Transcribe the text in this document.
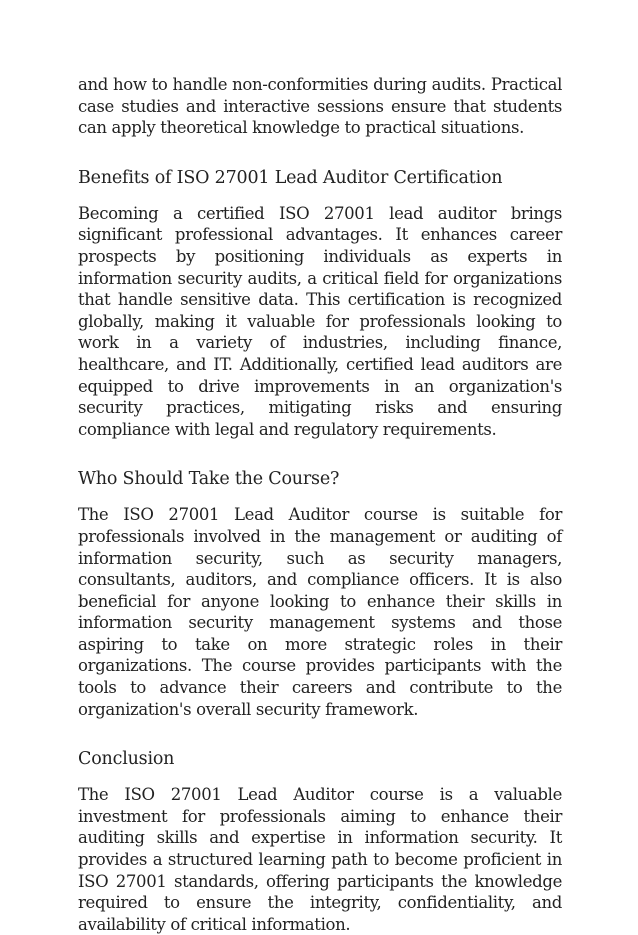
and how to handle non-conformities during audits. Practical case studies and interactive sessions ensure that students can apply theoretical knowledge to practical situations.

Benefits of ISO 27001 Lead Auditor Certification

Becoming a certified ISO 27001 lead auditor brings significant professional advantages. It enhances career prospects by positioning individuals as experts in information security audits, a critical field for organizations that handle sensitive data. This certification is recognized globally, making it valuable for professionals looking to work in a variety of industries, including finance, healthcare, and IT. Additionally, certified lead auditors are equipped to drive improvements in an organization's security practices, mitigating risks and ensuring compliance with legal and regulatory requirements.

Who Should Take the Course?

The ISO 27001 Lead Auditor course is suitable for professionals involved in the management or auditing of information security, such as security managers, consultants, auditors, and compliance officers. It is also beneficial for anyone looking to enhance their skills in information security management systems and those aspiring to take on more strategic roles in their organizations. The course provides participants with the tools to advance their careers and contribute to the organization's overall security framework.

Conclusion

The ISO 27001 Lead Auditor course is a valuable investment for professionals aiming to enhance their auditing skills and expertise in information security. It provides a structured learning path to become proficient in ISO 27001 standards, offering participants the knowledge required to ensure the integrity, confidentiality, and availability of critical information.
